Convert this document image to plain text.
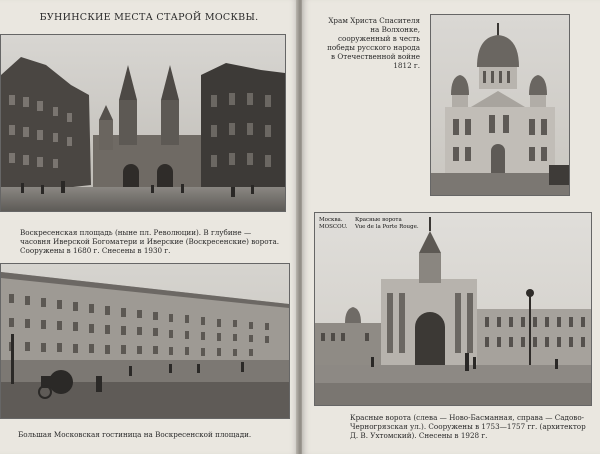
БУНИНСКИЕ МЕСТА СТАРОЙ МОСКВЫ.

Воскресенская площадь (ныне пл. Революции). В глубине — часовня Иверской Богоматери и Иверские (Воскресенские) ворота. Сооружены в 1680 г. Снесены в 1930 г.

Большая Московская гостиница на Воскресенской площади.

Храм Христа Спасителя на Волхонке, сооруженный в честь победы русского народа в Отечественной войне 1812 г.

Москва.
MOSCOU.
Красные ворота
Vue de la Porte Rouge.

Красные ворота (слева — Ново-Басманная, справа — Садово-Черногрязская ул.). Сооружены в 1753—1757 гг. (архитектор Д. В. Ухтомский). Снесены в 1928 г.
